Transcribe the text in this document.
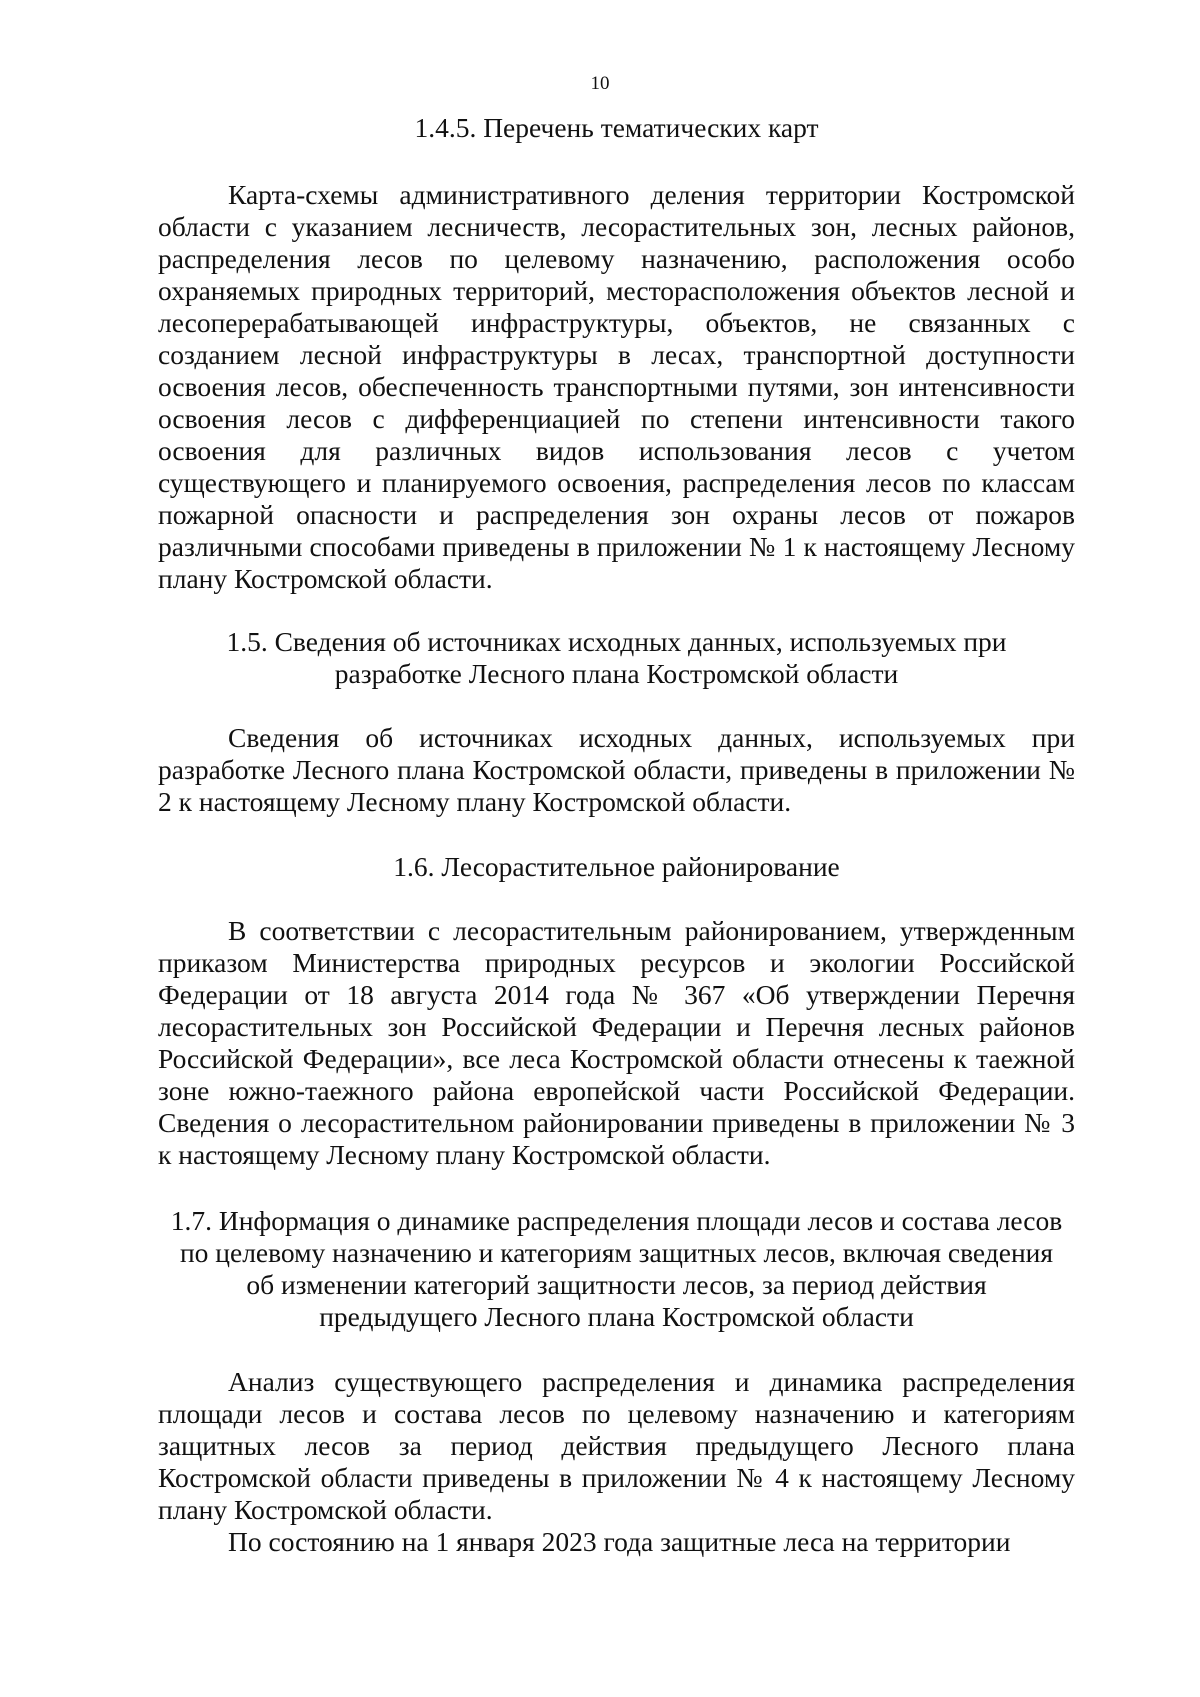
10

1.4.5. Перечень тематических карт

Карта-схемы административного деления территории Костромской области с указанием лесничеств, лесорастительных зон, лесных районов, распределения лесов по целевому назначению, расположения особо охраняемых природных территорий, месторасположения объектов лесной и лесоперерабатывающей инфраструктуры, объектов, не связанных с созданием лесной инфраструктуры в лесах, транспортной доступности освоения лесов, обеспеченность транспортными путями, зон интенсивности освоения лесов с дифференциацией по степени интенсивности такого освоения для различных видов использования лесов с учетом существующего и планируемого освоения, распределения лесов по классам пожарной опасности и распределения зон охраны лесов от пожаров различными способами приведены в приложении № 1 к настоящему Лесному плану Костромской области.

1.5. Сведения об источниках исходных данных, используемых при разработке Лесного плана Костромской области

Сведения об источниках исходных данных, используемых при разработке Лесного плана Костромской области, приведены в приложении № 2 к настоящему Лесному плану Костромской области.

1.6. Лесорастительное районирование

В соответствии с лесорастительным районированием, утвержденным приказом Министерства природных ресурсов и экологии Российской Федерации от 18 августа 2014 года № 367 «Об утверждении Перечня лесорастительных зон Российской Федерации и Перечня лесных районов Российской Федерации», все леса Костромской области отнесены к таежной зоне южно-таежного района европейской части Российской Федерации. Сведения о лесорастительном районировании приведены в приложении № 3 к настоящему Лесному плану Костромской области.

1.7. Информация о динамике распределения площади лесов и состава лесов по целевому назначению и категориям защитных лесов, включая сведения об изменении категорий защитности лесов, за период действия предыдущего Лесного плана Костромской области

Анализ существующего распределения и динамика распределения площади лесов и состава лесов по целевому назначению и категориям защитных лесов за период действия предыдущего Лесного плана Костромской области приведены в приложении № 4 к настоящему Лесному плану Костромской области.

По состоянию на 1 января 2023 года защитные леса на территории
